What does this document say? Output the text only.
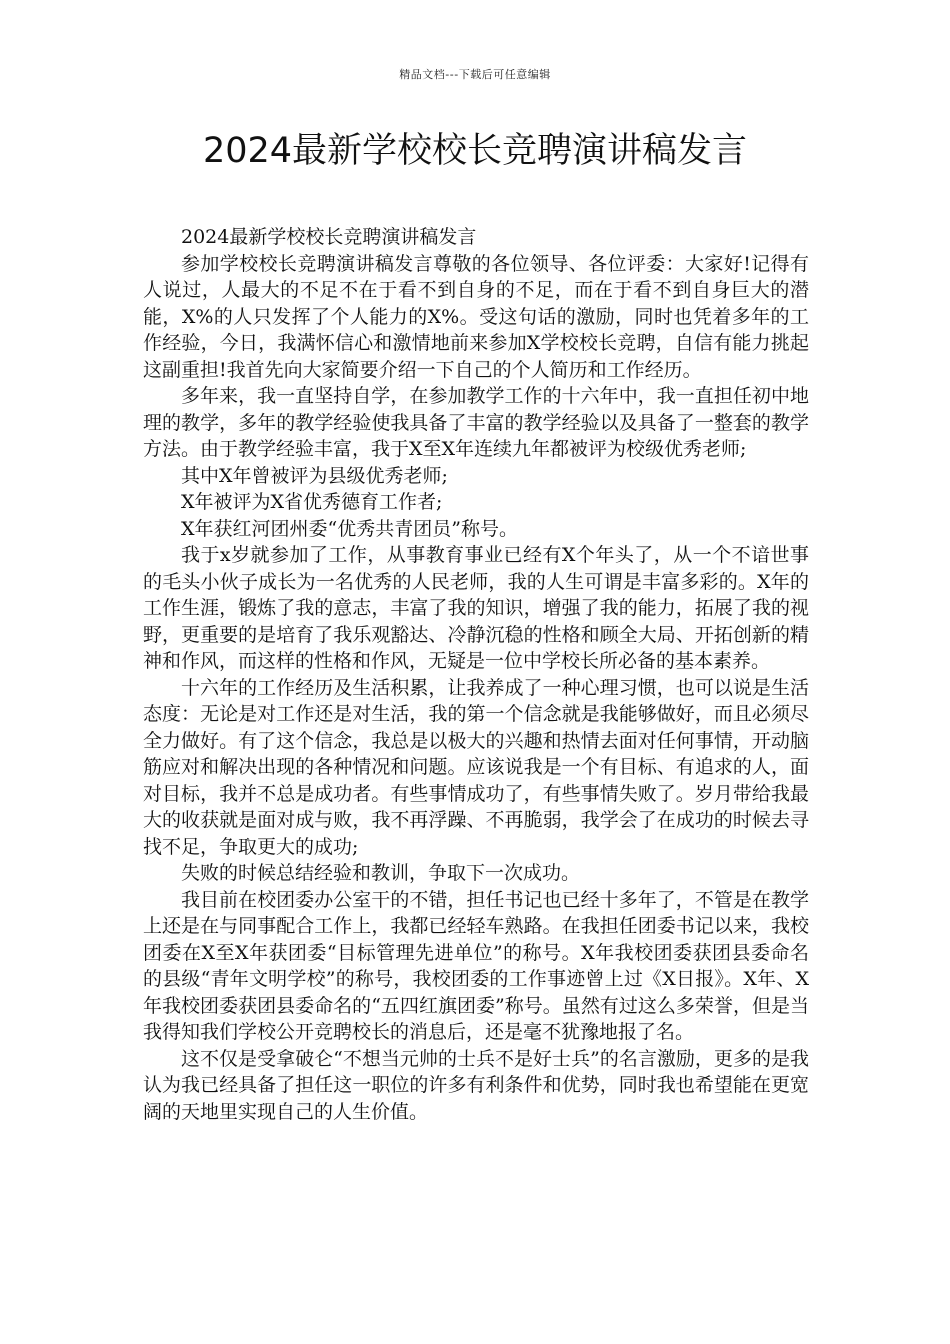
精品文档---下载后可任意编辑
2024最新学校校长竞聘演讲稿发言

2024最新学校校长竞聘演讲稿发言

参加学校校长竞聘演讲稿发言尊敬的各位领导、各位评委：大家好!记得有人说过，人最大的不足不在于看不到自身的不足，而在于看不到自身巨大的潜能，X%的人只发挥了个人能力的X%。受这句话的激励，同时也凭着多年的工作经验，今日，我满怀信心和激情地前来参加X学校校长竞聘，自信有能力挑起这副重担!我首先向大家简要介绍一下自己的个人简历和工作经历。

多年来，我一直坚持自学，在参加教学工作的十六年中，我一直担任初中地理的教学，多年的教学经验使我具备了丰富的教学经验以及具备了一整套的教学方法。由于教学经验丰富，我于X至X年连续九年都被评为校级优秀老师;

其中X年曾被评为县级优秀老师;

X年被评为X省优秀德育工作者;

X年获红河团州委“优秀共青团员”称号。

我于x岁就参加了工作，从事教育事业已经有X个年头了，从一个不谙世事的毛头小伙子成长为一名优秀的人民老师，我的人生可谓是丰富多彩的。X年的工作生涯，锻炼了我的意志，丰富了我的知识，增强了我的能力，拓展了我的视野，更重要的是培育了我乐观豁达、冷静沉稳的性格和顾全大局、开拓创新的精神和作风，而这样的性格和作风，无疑是一位中学校长所必备的基本素养。

十六年的工作经历及生活积累，让我养成了一种心理习惯，也可以说是生活态度：无论是对工作还是对生活，我的第一个信念就是我能够做好，而且必须尽全力做好。有了这个信念，我总是以极大的兴趣和热情去面对任何事情，开动脑筋应对和解决出现的各种情况和问题。应该说我是一个有目标、有追求的人，面对目标，我并不总是成功者。有些事情成功了，有些事情失败了。岁月带给我最大的收获就是面对成与败，我不再浮躁、不再脆弱，我学会了在成功的时候去寻找不足，争取更大的成功;

失败的时候总结经验和教训，争取下一次成功。

我目前在校团委办公室干的不错，担任书记也已经十多年了，不管是在教学上还是在与同事配合工作上，我都已经轻车熟路。在我担任团委书记以来，我校团委在X至X年获团委“目标管理先进单位”的称号。X年我校团委获团县委命名的县级“青年文明学校”的称号，我校团委的工作事迹曾上过《X日报》。X年、X年我校团委获团县委命名的“五四红旗团委”称号。虽然有过这么多荣誉，但是当我得知我们学校公开竞聘校长的消息后，还是毫不犹豫地报了名。

这不仅是受拿破仑“不想当元帅的士兵不是好士兵”的名言激励，更多的是我认为我已经具备了担任这一职位的许多有利条件和优势，同时我也希望能在更宽阔的天地里实现自己的人生价值。
